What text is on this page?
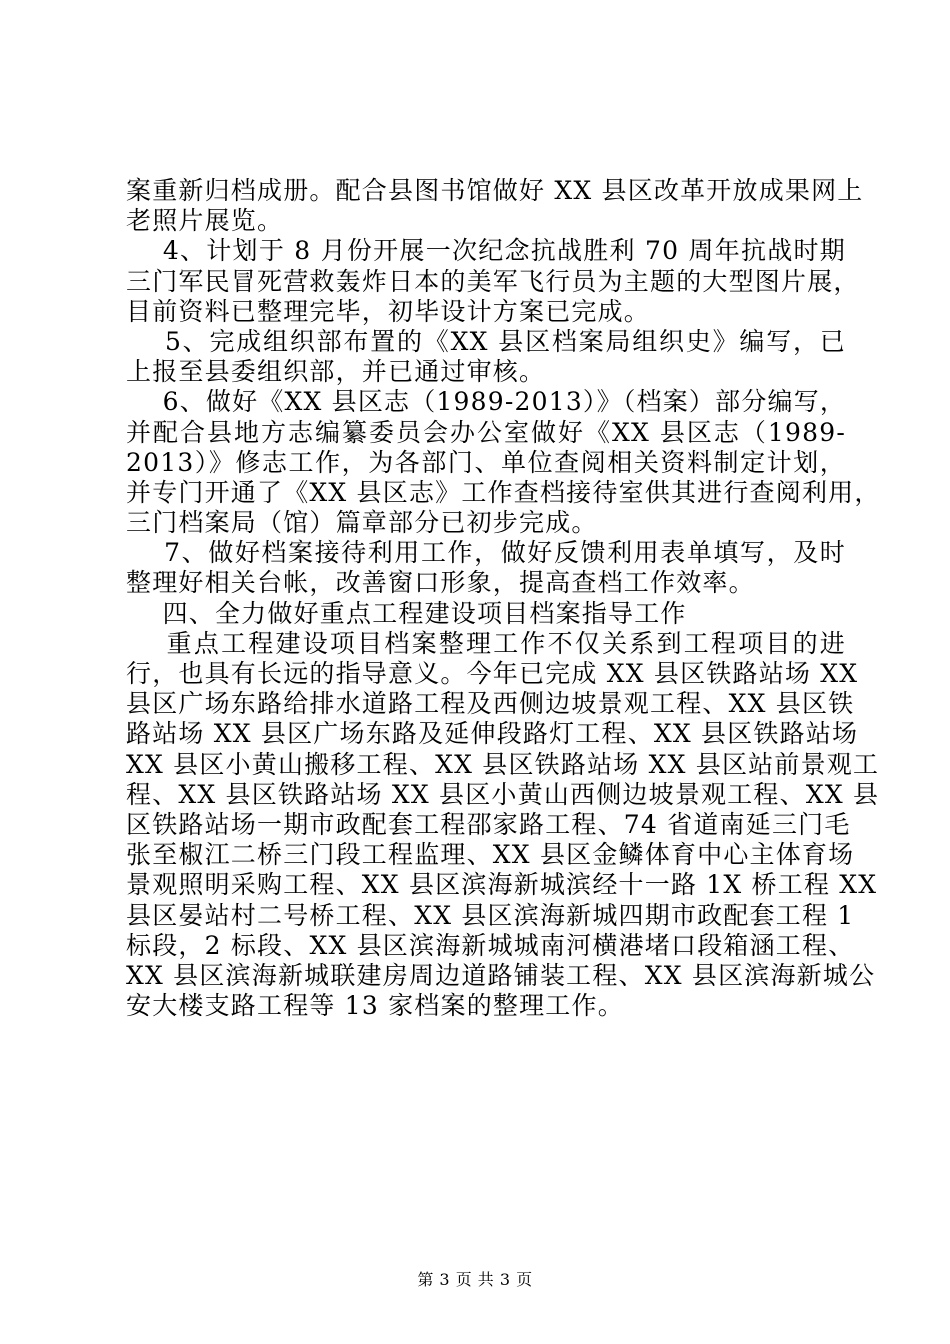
案重新归档成册。配合县图书馆做好 XX 县区改革开放成果网上
老照片展览。
4、计划于 8 月份开展一次纪念抗战胜利 70 周年抗战时期
三门军民冒死营救轰炸日本的美军飞行员为主题的大型图片展，
目前资料已整理完毕，初毕设计方案已完成。
5、完成组织部布置的《XX 县区档案局组织史》编写，已
上报至县委组织部，并已通过审核。
6、做好《XX 县区志（1989-2013）》（档案）部分编写，
并配合县地方志编纂委员会办公室做好《XX 县区志（1989-
2013）》修志工作，为各部门、单位查阅相关资料制定计划，
并专门开通了《XX 县区志》工作查档接待室供其进行查阅利用，
三门档案局（馆）篇章部分已初步完成。
7、做好档案接待利用工作，做好反馈利用表单填写，及时
整理好相关台帐，改善窗口形象，提高查档工作效率。
四、全力做好重点工程建设项目档案指导工作
重点工程建设项目档案整理工作不仅关系到工程项目的进
行，也具有长远的指导意义。今年已完成 XX 县区铁路站场 XX
县区广场东路给排水道路工程及西侧边坡景观工程、XX 县区铁
路站场 XX 县区广场东路及延伸段路灯工程、XX 县区铁路站场
XX 县区小黄山搬移工程、XX 县区铁路站场 XX 县区站前景观工
程、XX 县区铁路站场 XX 县区小黄山西侧边坡景观工程、XX 县
区铁路站场一期市政配套工程邵家路工程、74 省道南延三门毛
张至椒江二桥三门段工程监理、XX 县区金鳞体育中心主体育场
景观照明采购工程、XX 县区滨海新城滨经十一路 1X 桥工程 XX
县区晏站村二号桥工程、XX 县区滨海新城四期市政配套工程 1
标段，2 标段、XX 县区滨海新城城南河横港堵口段箱涵工程、
XX 县区滨海新城联建房周边道路铺装工程、XX 县区滨海新城公
安大楼支路工程等 13 家档案的整理工作。
第 3 页 共 3 页
